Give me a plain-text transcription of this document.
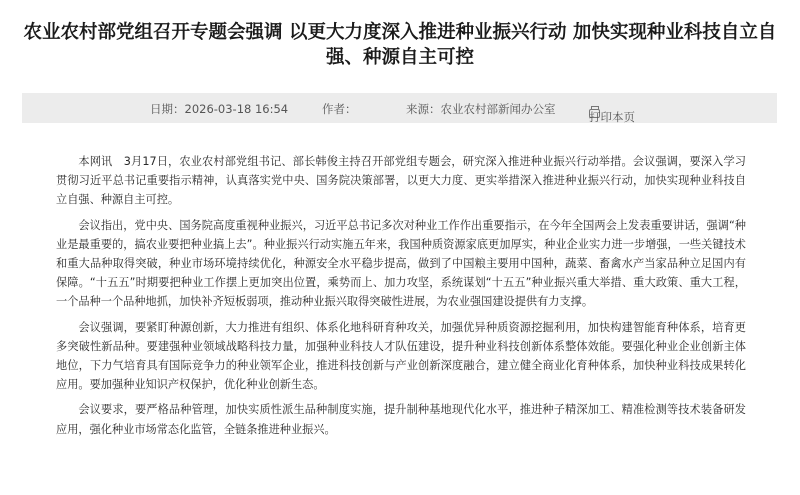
农业农村部党组召开专题会强调 以更大力度深入推进种业振兴行动 加快实现种业科技自立自强、种源自主可控
日期：2026-03-18 16:54	作者：	来源：农业农村部新闻办公室
打印本页

本网讯　3月17日，农业农村部党组书记、部长韩俊主持召开部党组专题会，研究深入推进种业振兴行动举措。会议强调，要深入学习贯彻习近平总书记重要指示精神，认真落实党中央、国务院决策部署，以更大力度、更实举措深入推进种业振兴行动，加快实现种业科技自立自强、种源自主可控。

会议指出，党中央、国务院高度重视种业振兴，习近平总书记多次对种业工作作出重要指示，在今年全国两会上发表重要讲话，强调“种业是最重要的，搞农业要把种业搞上去”。种业振兴行动实施五年来，我国种质资源家底更加厚实，种业企业实力进一步增强，一些关键技术和重大品种取得突破，种业市场环境持续优化，种源安全水平稳步提高，做到了中国粮主要用中国种，蔬菜、畜禽水产当家品种立足国内有保障。“十五五”时期要把种业工作摆上更加突出位置，乘势而上、加力攻坚，系统谋划“十五五”种业振兴重大举措、重大政策、重大工程，一个品种一个品种地抓，加快补齐短板弱项，推动种业振兴取得突破性进展，为农业强国建设提供有力支撑。

会议强调，要紧盯种源创新，大力推进有组织、体系化地科研育种攻关，加强优异种质资源挖掘利用，加快构建智能育种体系，培育更多突破性新品种。要建强种业领域战略科技力量，加强种业科技人才队伍建设，提升种业科技创新体系整体效能。要强化种业企业创新主体地位，下力气培育具有国际竞争力的种业领军企业，推进科技创新与产业创新深度融合，建立健全商业化育种体系，加快种业科技成果转化应用。要加强种业知识产权保护，优化种业创新生态。

会议要求，要严格品种管理，加快实质性派生品种制度实施，提升制种基地现代化水平，推进种子精深加工、精准检测等技术装备研发应用，强化种业市场常态化监管，全链条推进种业振兴。
